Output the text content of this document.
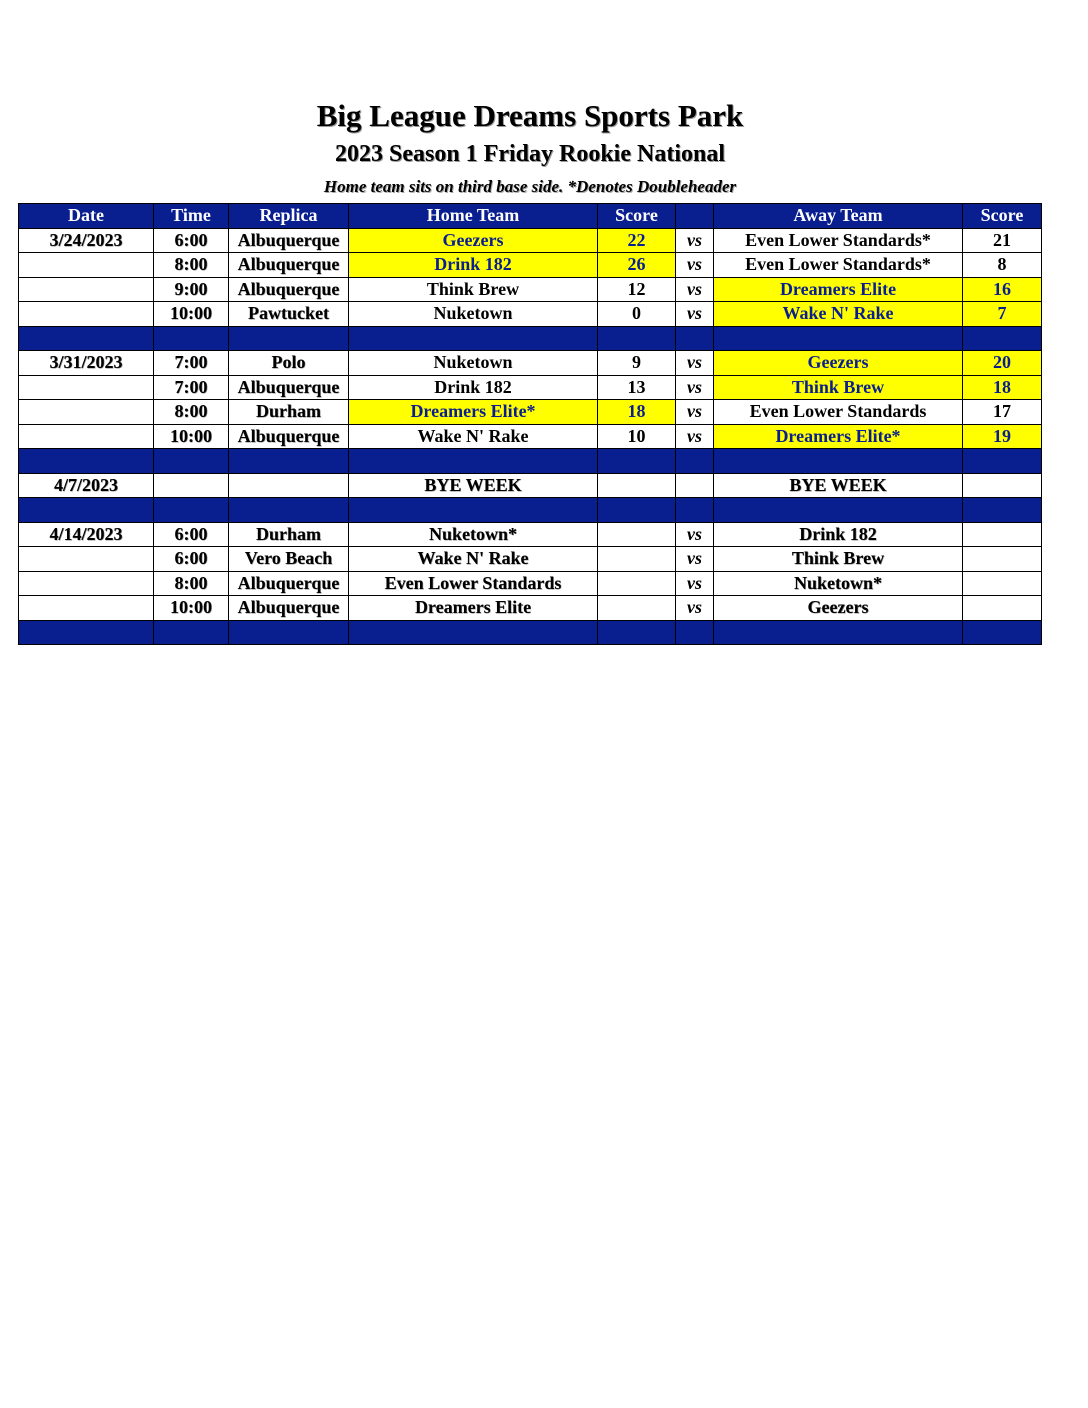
Big League Dreams Sports Park
2023 Season 1 Friday Rookie National
Home team sits on third base side. *Denotes Doubleheader
Date	Time	Replica	Home Team	Score		Away Team	Score
3/24/2023	6:00	Albuquerque	Geezers	22	vs	Even Lower Standards*	21
	8:00	Albuquerque	Drink 182	26	vs	Even Lower Standards*	8
	9:00	Albuquerque	Think Brew	12	vs	Dreamers Elite	16
	10:00	Pawtucket	Nuketown	0	vs	Wake N' Rake	7

3/31/2023	7:00	Polo	Nuketown	9	vs	Geezers	20
	7:00	Albuquerque	Drink 182	13	vs	Think Brew	18
	8:00	Durham	Dreamers Elite*	18	vs	Even Lower Standards	17
	10:00	Albuquerque	Wake N' Rake	10	vs	Dreamers Elite*	19

4/7/2023			BYE WEEK			BYE WEEK	

4/14/2023	6:00	Durham	Nuketown*		vs	Drink 182	
	6:00	Vero Beach	Wake N' Rake		vs	Think Brew	
	8:00	Albuquerque	Even Lower Standards		vs	Nuketown*	
	10:00	Albuquerque	Dreamers Elite		vs	Geezers	
